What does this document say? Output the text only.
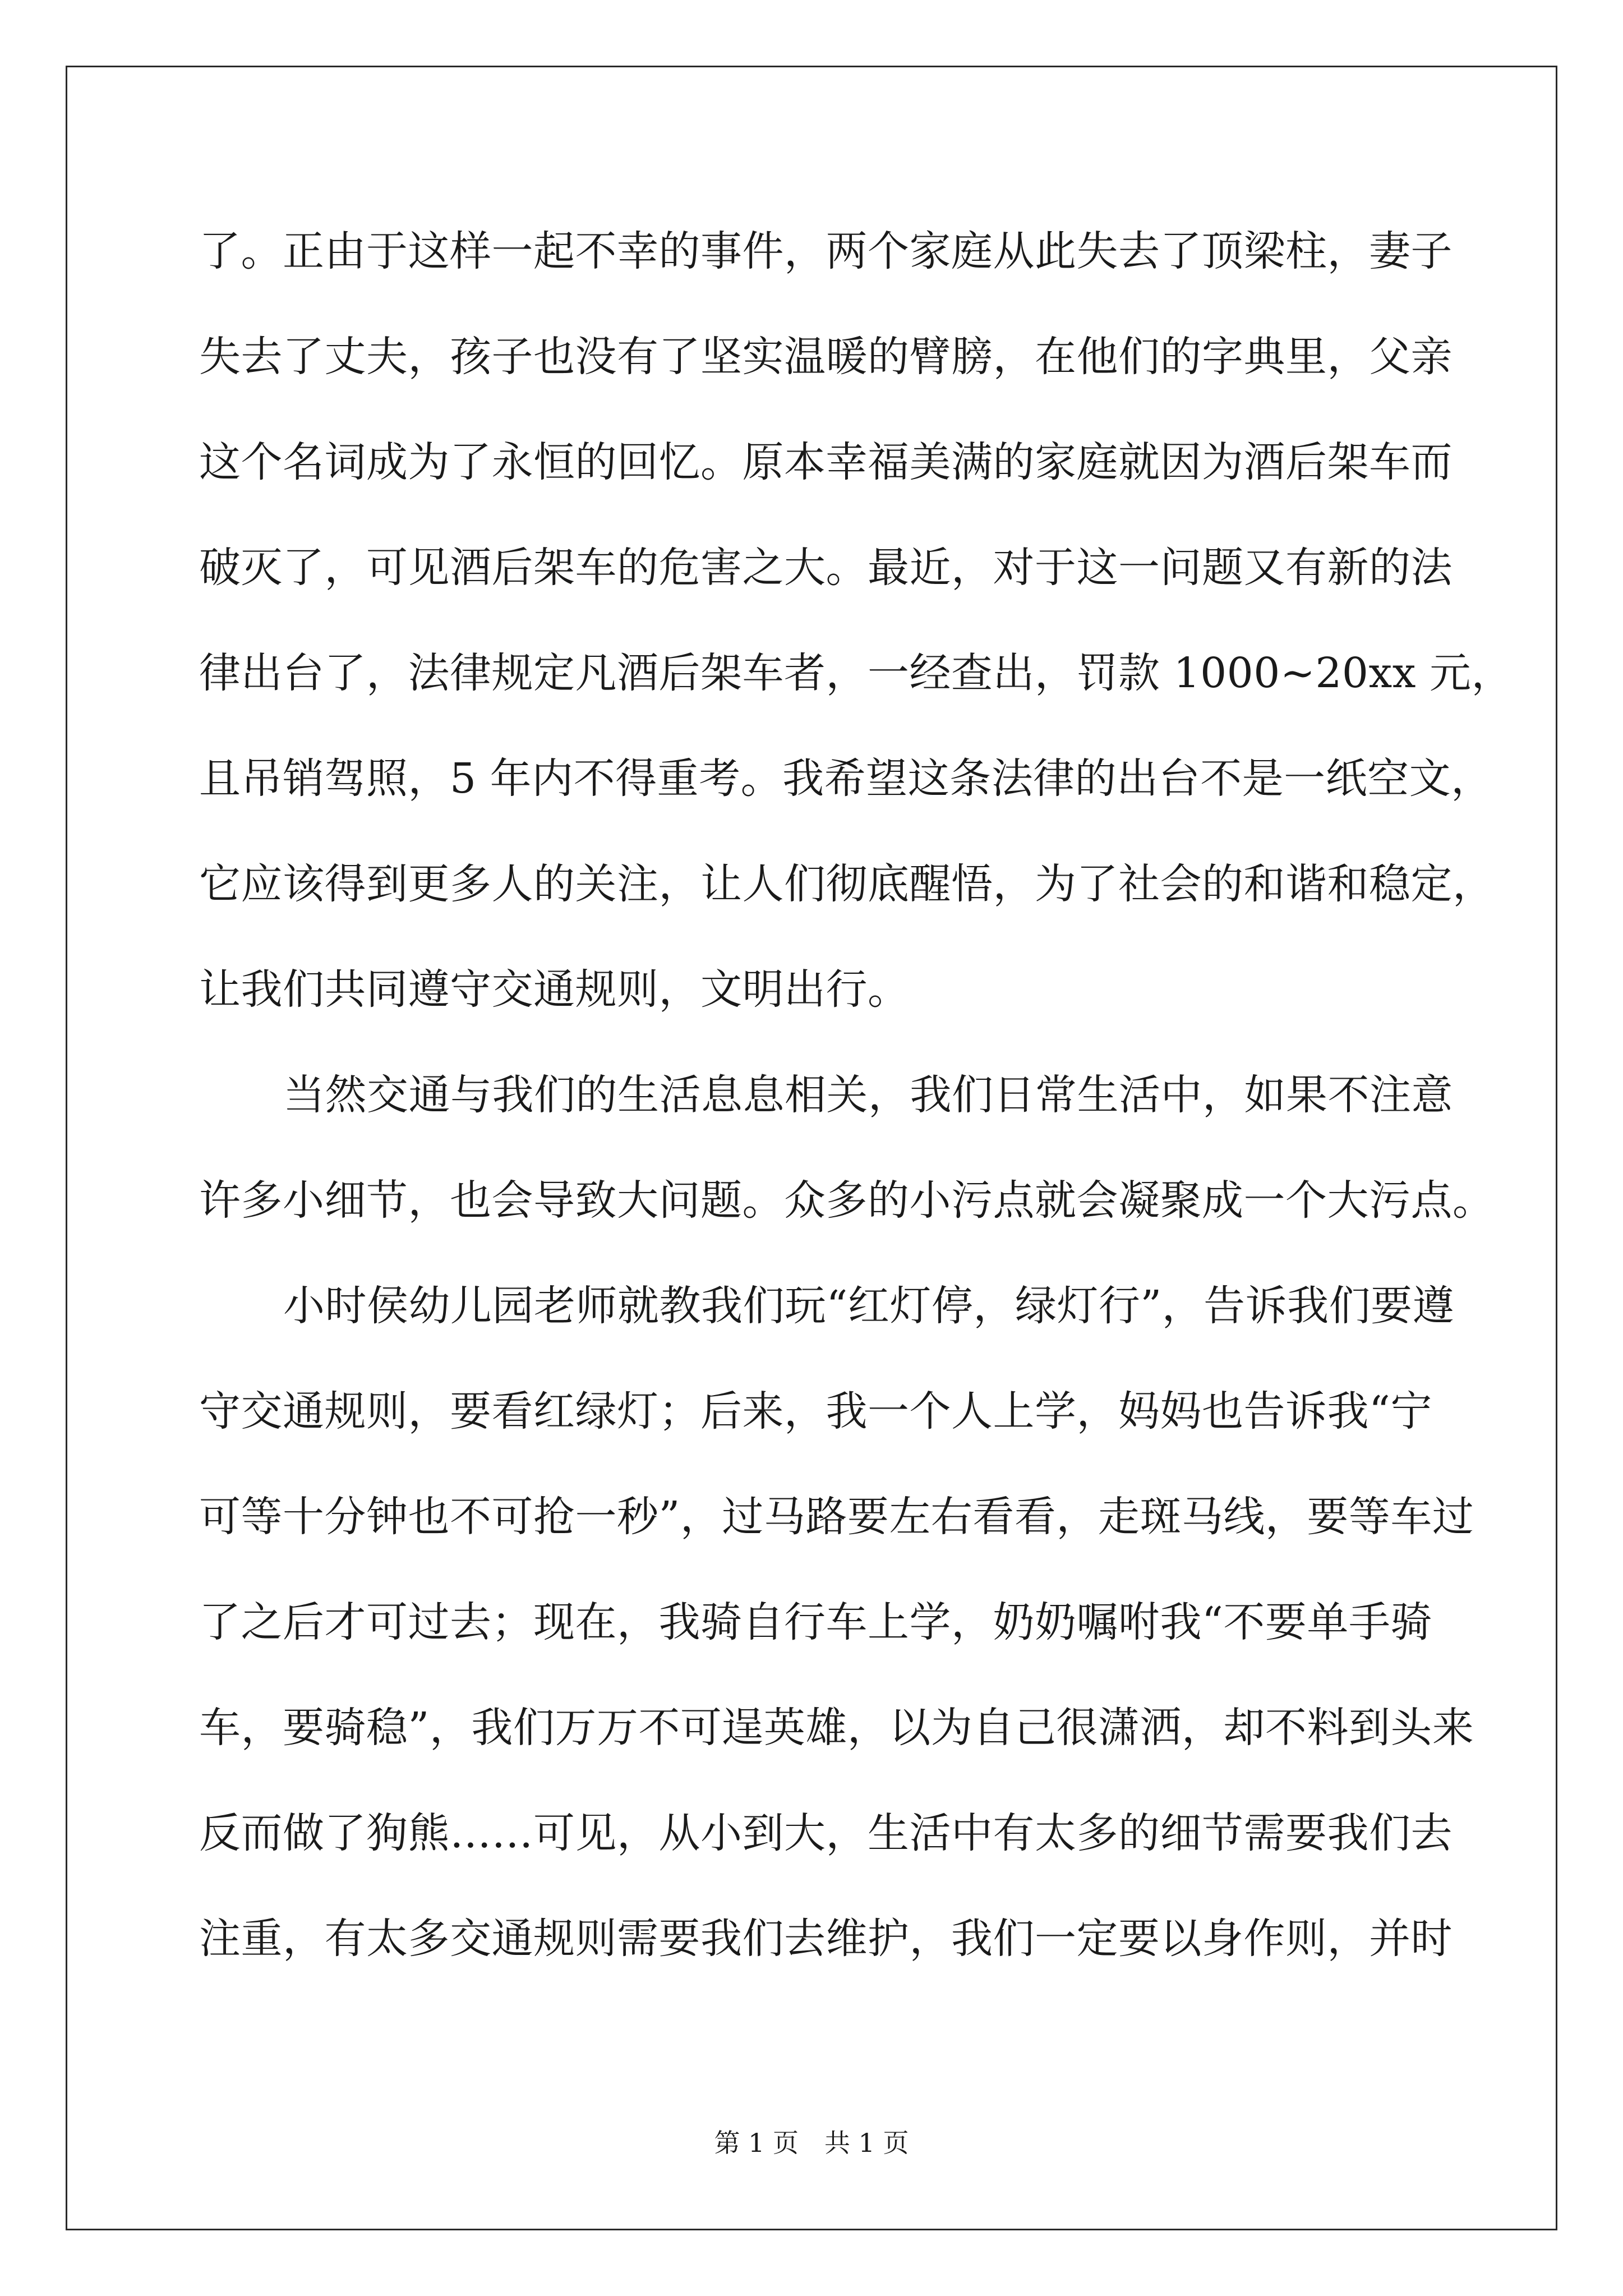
了。正由于这样一起不幸的事件，两个家庭从此失去了顶梁柱，妻子
失去了丈夫，孩子也没有了坚实温暖的臂膀，在他们的字典里，父亲
这个名词成为了永恒的回忆。原本幸福美满的家庭就因为酒后架车而
破灭了，可见酒后架车的危害之大。最近，对于这一问题又有新的法
律出台了，法律规定凡酒后架车者，一经查出，罚款 1000~20xx 元，
且吊销驾照，5 年内不得重考。我希望这条法律的出台不是一纸空文，
它应该得到更多人的关注，让人们彻底醒悟，为了社会的和谐和稳定，
让我们共同遵守交通规则，文明出行。
当然交通与我们的生活息息相关，我们日常生活中，如果不注意
许多小细节，也会导致大问题。众多的小污点就会凝聚成一个大污点。
小时侯幼儿园老师就教我们玩“红灯停，绿灯行”，告诉我们要遵
守交通规则，要看红绿灯；后来，我一个人上学，妈妈也告诉我“宁
可等十分钟也不可抢一秒”，过马路要左右看看，走斑马线，要等车过
了之后才可过去；现在，我骑自行车上学，奶奶嘱咐我“不要单手骑
车，要骑稳”，我们万万不可逞英雄，以为自己很潇洒，却不料到头来
反而做了狗熊……可见，从小到大，生活中有太多的细节需要我们去
注重，有太多交通规则需要我们去维护，我们一定要以身作则，并时
第 1 页　共 1 页
